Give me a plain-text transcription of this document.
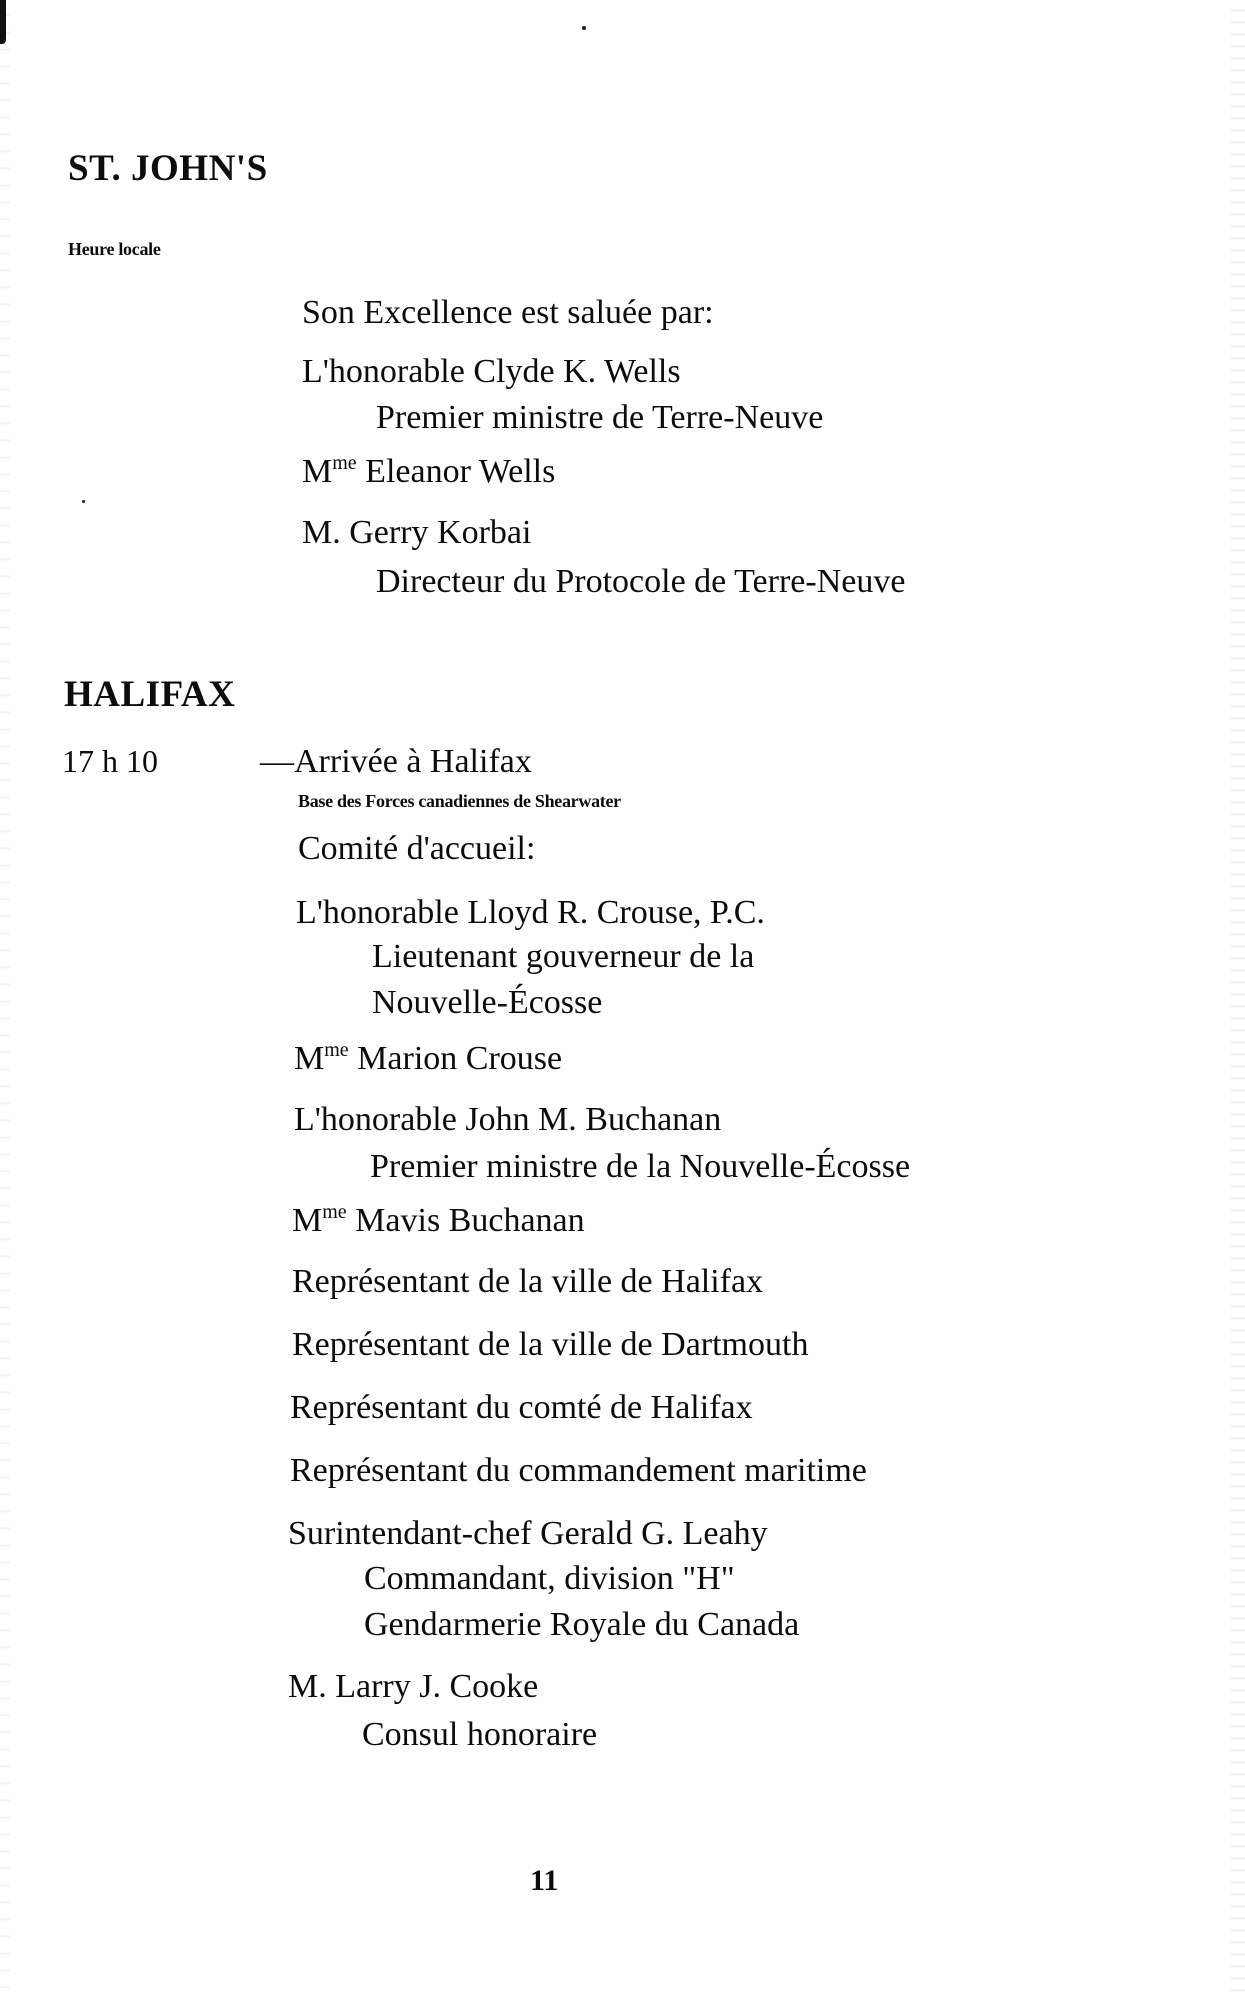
ST. JOHN'S
Heure locale
Son Excellence est saluée par:
L'honorable Clyde K. Wells
Premier ministre de Terre-Neuve
$M^{me}$ Eleanor Wells
M. Gerry Korbai
Directeur du Protocole de Terre-Neuve
HALIFAX
17 h 10	—Arrivée à Halifax
Base des Forces canadiennes de Shearwater
Comité d'accueil:
L'honorable Lloyd R. Crouse, P.C.
Lieutenant gouverneur de la
Nouvelle-Écosse
$M^{me}$ Marion Crouse
L'honorable John M. Buchanan
Premier ministre de la Nouvelle-Écosse
$M^{me}$ Mavis Buchanan
Représentant de la ville de Halifax
Représentant de la ville de Dartmouth
Représentant du comté de Halifax
Représentant du commandement maritime
Surintendant-chef Gerald G. Leahy
Commandant, division "H"
Gendarmerie Royale du Canada
M. Larry J. Cooke
Consul honoraire
11
